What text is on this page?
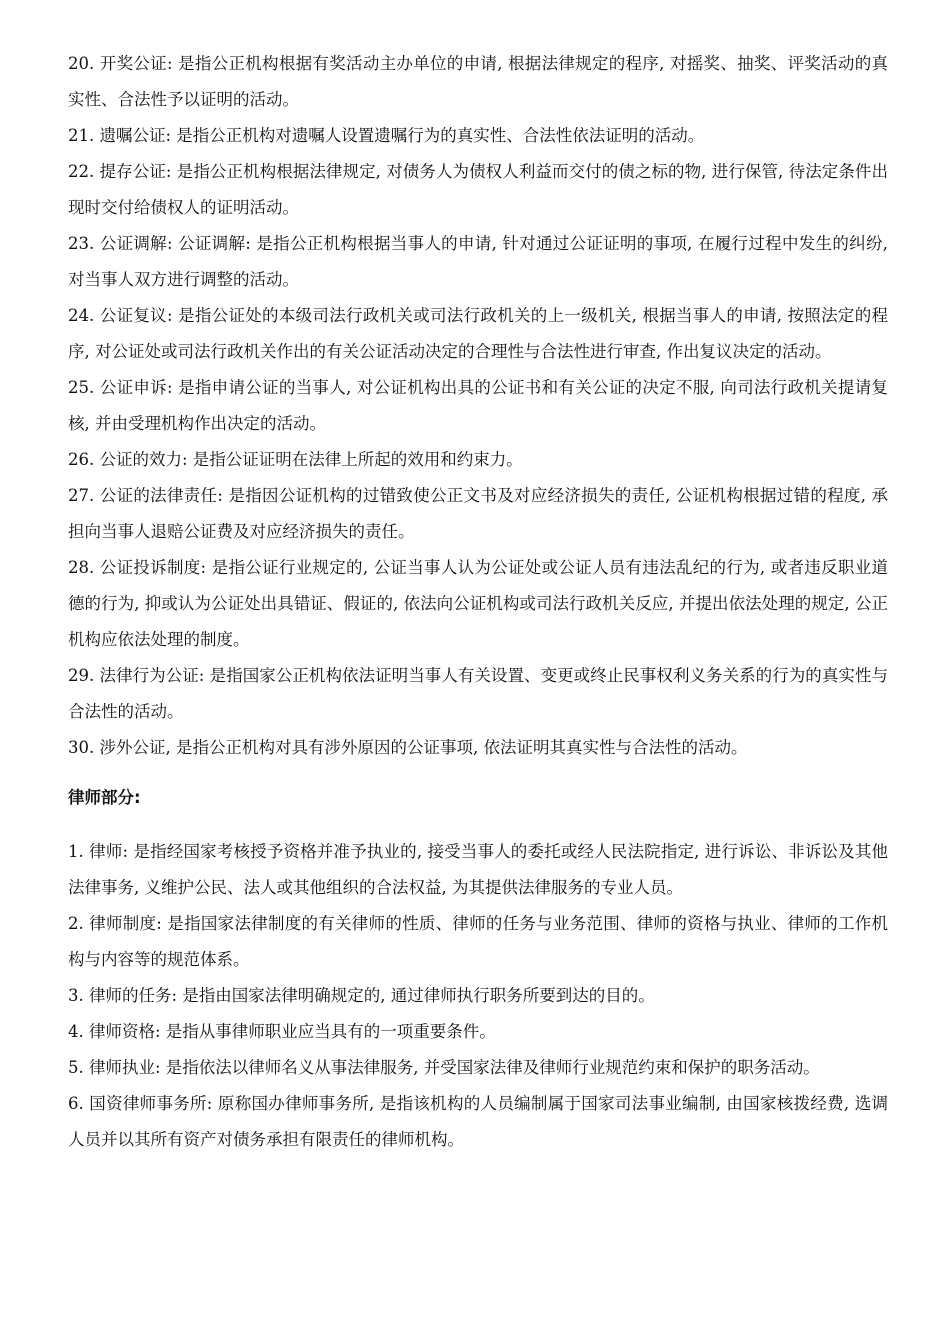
20. 开奖公证: 是指公正机构根据有奖活动主办单位的申请, 根据法律规定的程序, 对摇奖、抽奖、评奖活动的真实性、合法性予以证明的活动。

21. 遗嘱公证: 是指公正机构对遗嘱人设置遗嘱行为的真实性、合法性依法证明的活动。

22. 提存公证: 是指公正机构根据法律规定, 对债务人为债权人利益而交付的债之标的物, 进行保管, 待法定条件出现时交付给债权人的证明活动。

23. 公证调解: 公证调解: 是指公正机构根据当事人的申请, 针对通过公证证明的事项, 在履行过程中发生的纠纷, 对当事人双方进行调整的活动。

24. 公证复议: 是指公证处的本级司法行政机关或司法行政机关的上一级机关, 根据当事人的申请, 按照法定的程序, 对公证处或司法行政机关作出的有关公证活动决定的合理性与合法性进行审查, 作出复议决定的活动。

25. 公证申诉: 是指申请公证的当事人, 对公证机构出具的公证书和有关公证的决定不服, 向司法行政机关提请复核, 并由受理机构作出决定的活动。

26. 公证的效力: 是指公证证明在法律上所起的效用和约束力。

27. 公证的法律责任: 是指因公证机构的过错致使公正文书及对应经济损失的责任, 公证机构根据过错的程度, 承担向当事人退赔公证费及对应经济损失的责任。

28. 公证投诉制度: 是指公证行业规定的, 公证当事人认为公证处或公证人员有违法乱纪的行为, 或者违反职业道德的行为, 抑或认为公证处出具错证、假证的, 依法向公证机构或司法行政机关反应, 并提出依法处理的规定, 公正机构应依法处理的制度。

29. 法律行为公证: 是指国家公正机构依法证明当事人有关设置、变更或终止民事权利义务关系的行为的真实性与合法性的活动。

30. 涉外公证, 是指公正机构对具有涉外原因的公证事项, 依法证明其真实性与合法性的活动。

律师部分:

1. 律师: 是指经国家考核授予资格并准予执业的, 接受当事人的委托或经人民法院指定, 进行诉讼、非诉讼及其他法律事务, 义维护公民、法人或其他组织的合法权益, 为其提供法律服务的专业人员。

2. 律师制度: 是指国家法律制度的有关律师的性质、律师的任务与业务范围、律师的资格与执业、律师的工作机构与内容等的规范体系。

3. 律师的任务: 是指由国家法律明确规定的, 通过律师执行职务所要到达的目的。

4. 律师资格: 是指从事律师职业应当具有的一项重要条件。

5. 律师执业: 是指依法以律师名义从事法律服务, 并受国家法律及律师行业规范约束和保护的职务活动。

6. 国资律师事务所: 原称国办律师事务所, 是指该机构的人员编制属于国家司法事业编制, 由国家核拨经费, 选调人员并以其所有资产对债务承担有限责任的律师机构。
